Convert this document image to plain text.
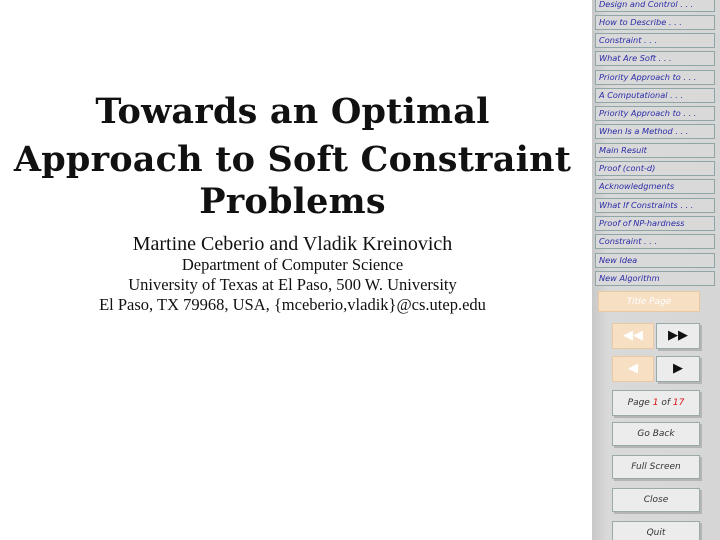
Towards an Optimal
Approach to Soft Constraint
Problems
Martine Ceberio and Vladik Kreinovich
Department of Computer Science
University of Texas at El Paso, 500 W. University
El Paso, TX 79968, USA, {mceberio,vladik}@cs.utep.edu
Design and Control . . .
How to Describe . . .
Constraint . . .
What Are Soft . . .
Priority Approach to . . .
A Computational . . .
Priority Approach to . . .
When Is a Method . . .
Main Result
Proof (cont-d)
Acknowledgments
What If Constraints . . .
Proof of NP-hardness
Constraint . . .
New Idea
New Algorithm
Title Page
◀◀	▶▶
◀	▶
Page 1 of 17
Go Back
Full Screen
Close
Quit
